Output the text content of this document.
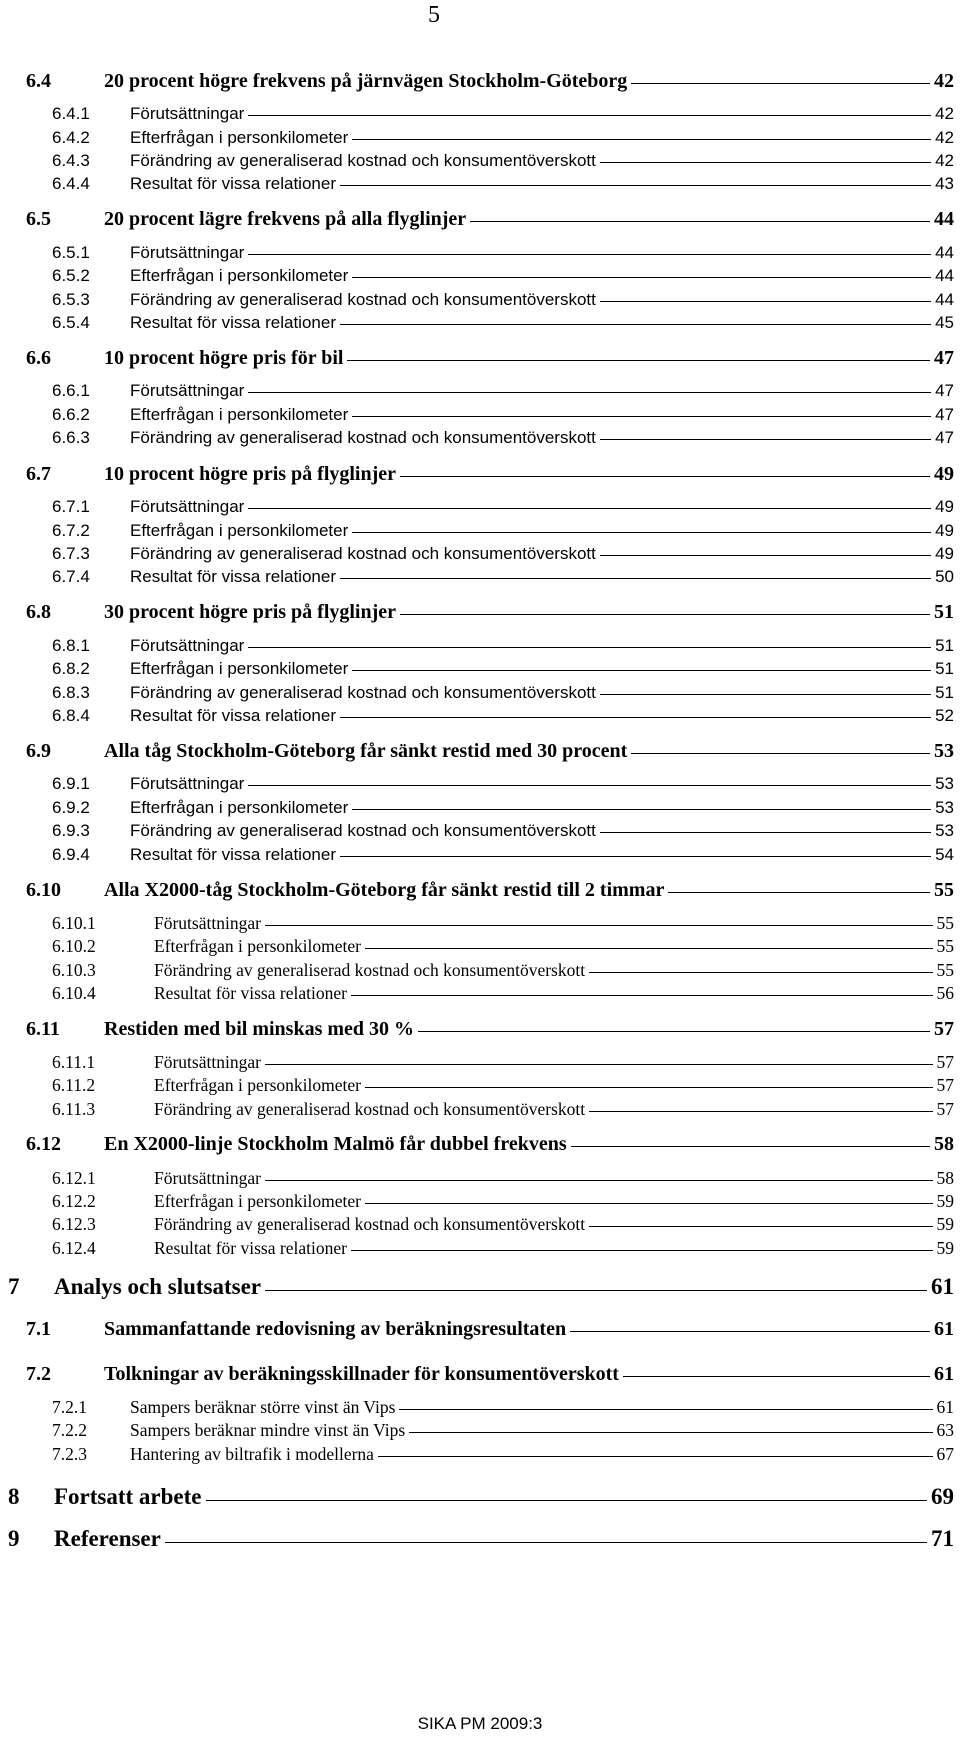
5
6.4	20 procent högre frekvens på järnvägen Stockholm-Göteborg	42
6.4.1	Förutsättningar	42
6.4.2	Efterfrågan i personkilometer	42
6.4.3	Förändring av generaliserad kostnad och konsumentöverskott	42
6.4.4	Resultat för vissa relationer	43
6.5	20 procent lägre frekvens på alla flyglinjer	44
6.5.1	Förutsättningar	44
6.5.2	Efterfrågan i personkilometer	44
6.5.3	Förändring av generaliserad kostnad och konsumentöverskott	44
6.5.4	Resultat för vissa relationer	45
6.6	10 procent högre pris för bil	47
6.6.1	Förutsättningar	47
6.6.2	Efterfrågan i personkilometer	47
6.6.3	Förändring av generaliserad kostnad och konsumentöverskott	47
6.7	10 procent högre pris på flyglinjer	49
6.7.1	Förutsättningar	49
6.7.2	Efterfrågan i personkilometer	49
6.7.3	Förändring av generaliserad kostnad och konsumentöverskott	49
6.7.4	Resultat för vissa relationer	50
6.8	30 procent högre pris på flyglinjer	51
6.8.1	Förutsättningar	51
6.8.2	Efterfrågan i personkilometer	51
6.8.3	Förändring av generaliserad kostnad och konsumentöverskott	51
6.8.4	Resultat för vissa relationer	52
6.9	Alla tåg Stockholm-Göteborg får sänkt restid med 30 procent	53
6.9.1	Förutsättningar	53
6.9.2	Efterfrågan i personkilometer	53
6.9.3	Förändring av generaliserad kostnad och konsumentöverskott	53
6.9.4	Resultat för vissa relationer	54
6.10	Alla X2000-tåg Stockholm-Göteborg får sänkt restid till 2 timmar	55
6.10.1	Förutsättningar	55
6.10.2	Efterfrågan i personkilometer	55
6.10.3	Förändring av generaliserad kostnad och konsumentöverskott	55
6.10.4	Resultat för vissa relationer	56
6.11	Restiden med bil minskas med 30 %	57
6.11.1	Förutsättningar	57
6.11.2	Efterfrågan i personkilometer	57
6.11.3	Förändring av generaliserad kostnad och konsumentöverskott	57
6.12	En X2000-linje Stockholm Malmö får dubbel frekvens	58
6.12.1	Förutsättningar	58
6.12.2	Efterfrågan i personkilometer	59
6.12.3	Förändring av generaliserad kostnad och konsumentöverskott	59
6.12.4	Resultat för vissa relationer	59
7	Analys och slutsatser	61
7.1	Sammanfattande redovisning av beräkningsresultaten	61
7.2	Tolkningar av beräkningsskillnader för konsumentöverskott	61
7.2.1	Sampers beräknar större vinst än Vips	61
7.2.2	Sampers beräknar mindre vinst än Vips	63
7.2.3	Hantering av biltrafik i modellerna	67
8	Fortsatt arbete	69
9	Referenser	71
SIKA PM 2009:3
